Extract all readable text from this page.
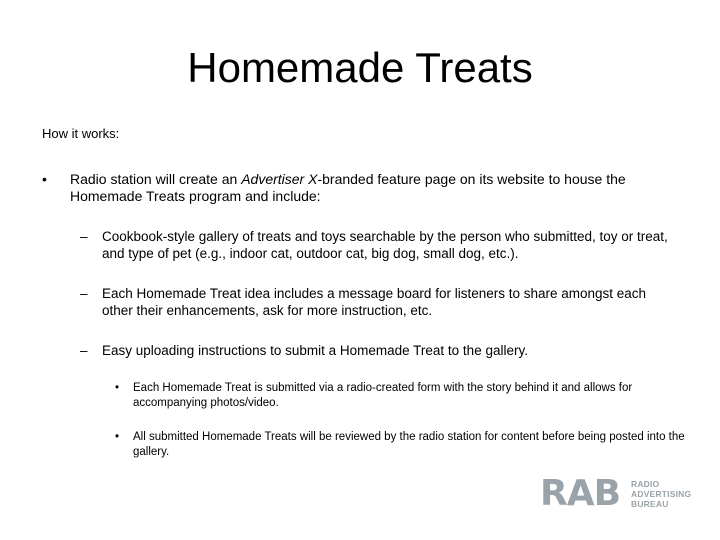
Homemade Treats
How it works:
• Radio station will create an Advertiser X-branded feature page on its website to house the Homemade Treats program and include:
– Cookbook-style gallery of treats and toys searchable by the person who submitted, toy or treat, and type of pet (e.g., indoor cat, outdoor cat, big dog, small dog, etc.).
– Each Homemade Treat idea includes a message board for listeners to share amongst each other their enhancements, ask for more instruction, etc.
– Easy uploading instructions to submit a Homemade Treat to the gallery.
• Each Homemade Treat is submitted via a radio-created form with the story behind it and allows for accompanying photos/video.
• All submitted Homemade Treats will be reviewed by the radio station for content before being posted into the gallery.
RAB RADIO
ADVERTISING
BUREAU
